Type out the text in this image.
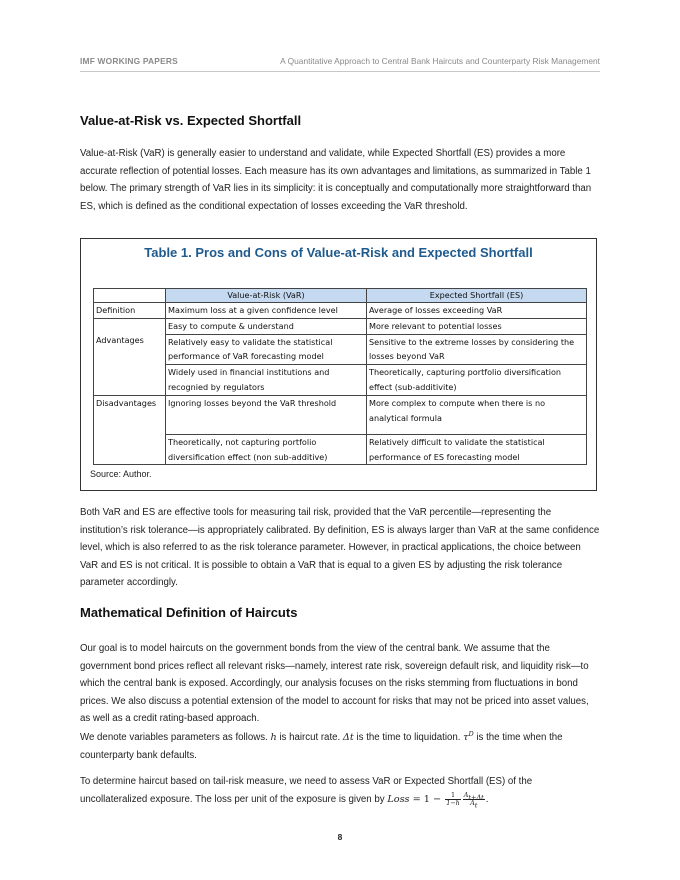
IMF WORKING PAPERS	A Quantitative Approach to Central Bank Haircuts and Counterparty Risk Management
Value-at-Risk vs. Expected Shortfall

Value-at-Risk (VaR) is generally easier to understand and validate, while Expected Shortfall (ES) provides a more accurate reflection of potential losses. Each measure has its own advantages and limitations, as summarized in Table 1 below. The primary strength of VaR lies in its simplicity: it is conceptually and computationally more straightforward than ES, which is defined as the conditional expectation of losses exceeding the VaR threshold.

Table 1. Pros and Cons of Value-at-Risk and Expected Shortfall
	Value-at-Risk (VaR)	Expected Shortfall (ES)
Definition	Maximum loss at a given confidence level	Average of losses exceeding VaR
Advantages	Easy to compute & understand	More relevant to potential losses
	Relatively easy to validate the statistical performance of VaR forecasting model	Sensitive to the extreme losses by considering the losses beyond VaR
	Widely used in financial institutions and recognied by regulators	Theoretically, capturing portfolio diversification effect (sub-additivite)
Disadvantages	Ignoring losses beyond the VaR threshold	More complex to compute when there is no analytical formula
	Theoretically, not capturing portfolio diversification effect (non sub-additive)	Relatively difficult to validate the statistical performance of ES forecasting model
Source: Author.

Both VaR and ES are effective tools for measuring tail risk, provided that the VaR percentile—representing the institution’s risk tolerance—is appropriately calibrated. By definition, ES is always larger than VaR at the same confidence level, which is also referred to as the risk tolerance parameter. However, in practical applications, the choice between VaR and ES is not critical. It is possible to obtain a VaR that is equal to a given ES by adjusting the risk tolerance parameter accordingly.

Mathematical Definition of Haircuts

Our goal is to model haircuts on the government bonds from the view of the central bank. We assume that the government bond prices reflect all relevant risks—namely, interest rate risk, sovereign default risk, and liquidity risk—to which the central bank is exposed. Accordingly, our analysis focuses on the risks stemming from fluctuations in bond prices. We also discuss a potential extension of the model to account for risks that may not be priced into asset values, as well as a credit rating-based approach.

We denote variables parameters as follows. h is haircut rate. Δt is the time to liquidation. $\tau^D$ is the time when the counterparty bank defaults.

To determine haircut based on tail-risk measure, we need to assess VaR or Expected Shortfall (ES) of the uncollateralized exposure. The loss per unit of the exposure is given by Loss = $1 - \frac{1}{1-h} \frac{A_{t+\Delta t}}{A_t}$ .

8
